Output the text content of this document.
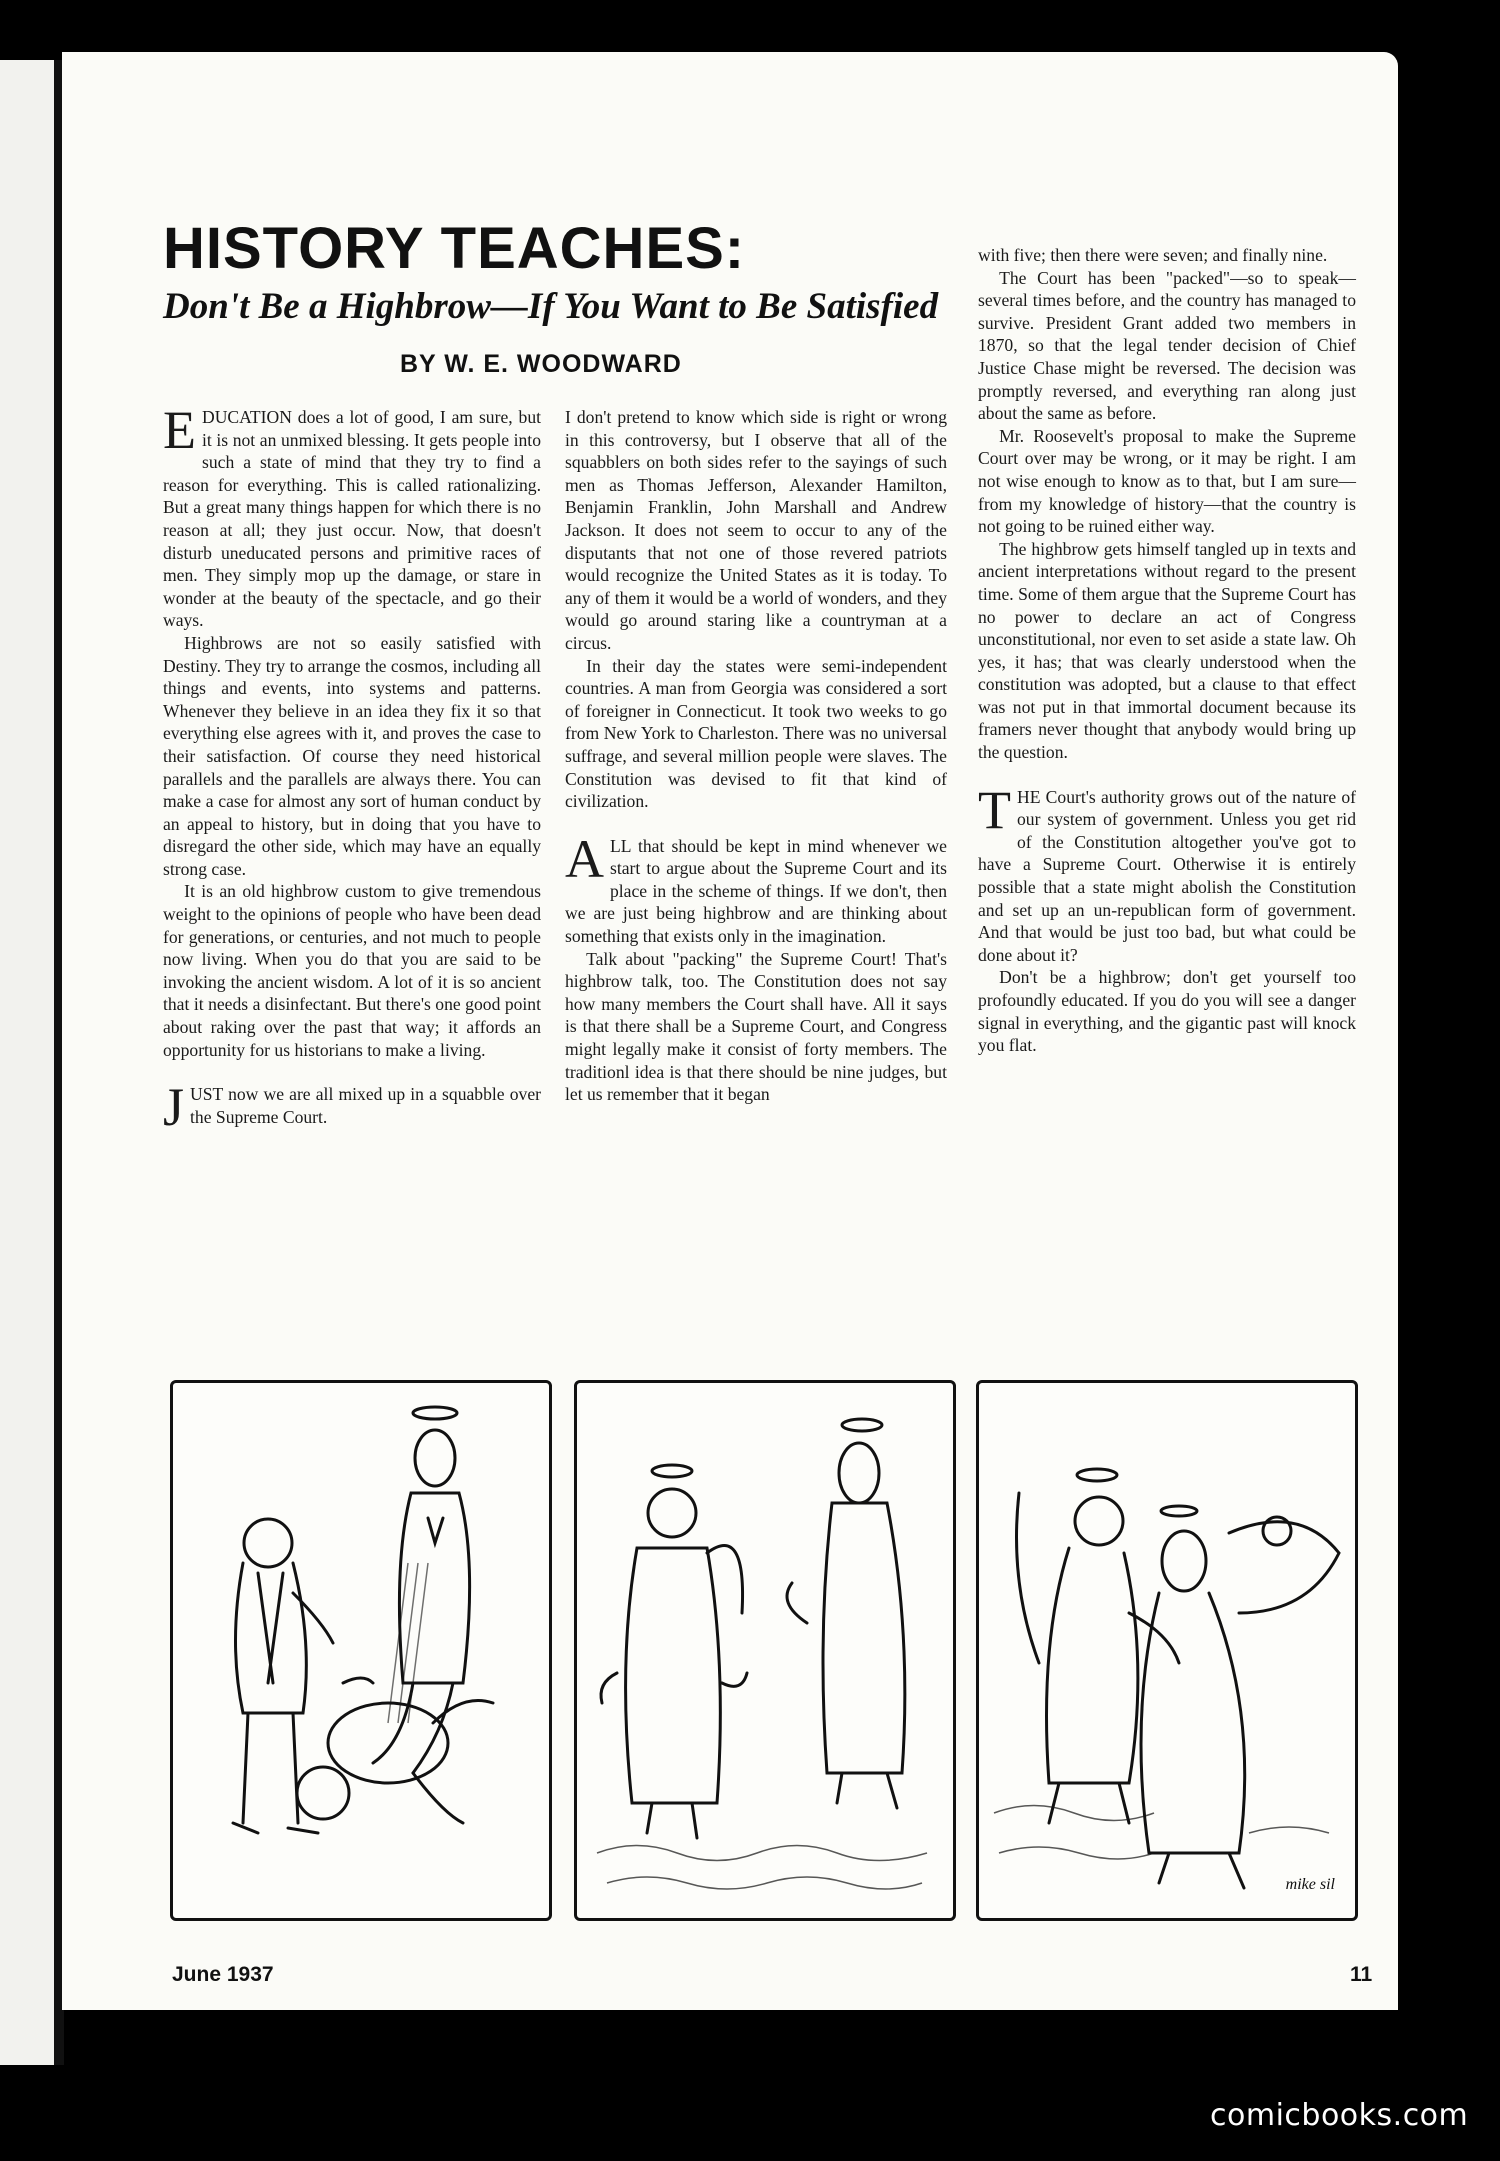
HISTORY TEACHES:
Don't Be a Highbrow—If You Want to Be Satisfied
BY W. E. WOODWARD

EDUCATION does a lot of good, I am sure, but it is not an unmixed blessing. It gets people into such a state of mind that they try to find a reason for everything. This is called rationalizing. But a great many things happen for which there is no reason at all; they just occur. Now, that doesn't disturb uneducated persons and primitive races of men. They simply mop up the damage, or stare in wonder at the beauty of the spectacle, and go their ways.

Highbrows are not so easily satisfied with Destiny. They try to arrange the cosmos, including all things and events, into systems and patterns. Whenever they believe in an idea they fix it so that everything else agrees with it, and proves the case to their satisfaction. Of course they need historical parallels and the parallels are always there. You can make a case for almost any sort of human conduct by an appeal to history, but in doing that you have to disregard the other side, which may have an equally strong case.

It is an old highbrow custom to give tremendous weight to the opinions of people who have been dead for generations, or centuries, and not much to people now living. When you do that you are said to be invoking the ancient wisdom. A lot of it is so ancient that it needs a disinfectant. But there's one good point about raking over the past that way; it affords an opportunity for us historians to make a living.

JUST now we are all mixed up in a squabble over the Supreme Court.

I don't pretend to know which side is right or wrong in this controversy, but I observe that all of the squabblers on both sides refer to the sayings of such men as Thomas Jefferson, Alexander Hamilton, Benjamin Franklin, John Marshall and Andrew Jackson. It does not seem to occur to any of the disputants that not one of those revered patriots would recognize the United States as it is today. To any of them it would be a world of wonders, and they would go around staring like a countryman at a circus.

In their day the states were semi-independent countries. A man from Georgia was considered a sort of foreigner in Connecticut. It took two weeks to go from New York to Charleston. There was no universal suffrage, and several million people were slaves. The Constitution was devised to fit that kind of civilization.

ALL that should be kept in mind whenever we start to argue about the Supreme Court and its place in the scheme of things. If we don't, then we are just being highbrow and are thinking about something that exists only in the imagination.

Talk about "packing" the Supreme Court! That's highbrow talk, too. The Constitution does not say how many members the Court shall have. All it says is that there shall be a Supreme Court, and Congress might legally make it consist of forty members. The traditionl idea is that there should be nine judges, but let us remember that it began

with five; then there were seven; and finally nine.

The Court has been "packed"—so to speak—several times before, and the country has managed to survive. President Grant added two members in 1870, so that the legal tender decision of Chief Justice Chase might be reversed. The decision was promptly reversed, and everything ran along just about the same as before.

Mr. Roosevelt's proposal to make the Supreme Court over may be wrong, or it may be right. I am not wise enough to know as to that, but I am sure—from my knowledge of history—that the country is not going to be ruined either way.

The highbrow gets himself tangled up in texts and ancient interpretations without regard to the present time. Some of them argue that the Supreme Court has no power to declare an act of Congress unconstitutional, nor even to set aside a state law. Oh yes, it has; that was clearly understood when the constitution was adopted, but a clause to that effect was not put in that immortal document because its framers never thought that anybody would bring up the question.

THE Court's authority grows out of the nature of our system of government. Unless you get rid of the Constitution altogether you've got to have a Supreme Court. Otherwise it is entirely possible that a state might abolish the Constitution and set up an un-republican form of government. And that would be just too bad, but what could be done about it?

Don't be a highbrow; don't get yourself too profoundly educated. If you do you will see a danger signal in everything, and the gigantic past will knock you flat.

mike sil
June 1937	11
comicbooks.com
